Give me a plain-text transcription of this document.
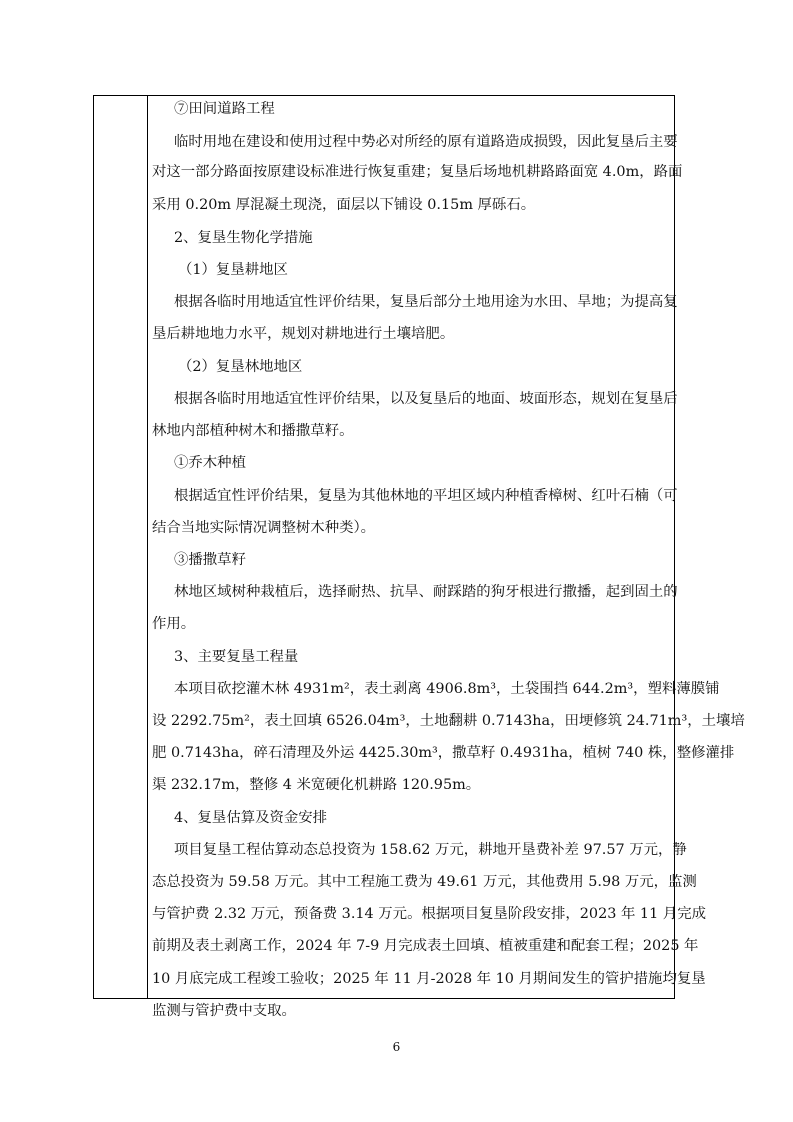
⑦田间道路工程
临时用地在建设和使用过程中势必对所经的原有道路造成损毁，因此复垦后主要
对这一部分路面按原建设标准进行恢复重建；复垦后场地机耕路路面宽 4.0m，路面
采用 0.20m 厚混凝土现浇，面层以下铺设 0.15m 厚砾石。
2、复垦生物化学措施
（1）复垦耕地区
根据各临时用地适宜性评价结果，复垦后部分土地用途为水田、旱地；为提高复
垦后耕地地力水平，规划对耕地进行土壤培肥。
（2）复垦林地地区
根据各临时用地适宜性评价结果，以及复垦后的地面、坡面形态，规划在复垦后
林地内部植种树木和播撒草籽。
①乔木种植
根据适宜性评价结果，复垦为其他林地的平坦区域内种植香樟树、红叶石楠（可
结合当地实际情况调整树木种类）。
③播撒草籽
林地区域树种栽植后，选择耐热、抗旱、耐踩踏的狗牙根进行撒播，起到固土的
作用。
3、主要复垦工程量
本项目砍挖灌木林 4931m²，表土剥离 4906.8m³，土袋围挡 644.2m³，塑料薄膜铺
设 2292.75m²，表土回填 6526.04m³，土地翻耕 0.7143ha，田埂修筑 24.71m³，土壤培
肥 0.7143ha，碎石清理及外运 4425.30m³，撒草籽 0.4931ha，植树 740 株，整修灌排
渠 232.17m，整修 4 米宽硬化机耕路 120.95m。
4、复垦估算及资金安排
项目复垦工程估算动态总投资为 158.62 万元，耕地开垦费补差 97.57 万元，静
态总投资为 59.58 万元。其中工程施工费为 49.61 万元，其他费用 5.98 万元，监测
与管护费 2.32 万元，预备费 3.14 万元。根据项目复垦阶段安排，2023 年 11 月完成
前期及表土剥离工作，2024 年 7-9 月完成表土回填、植被重建和配套工程；2025 年
10 月底完成工程竣工验收；2025 年 11 月-2028 年 10 月期间发生的管护措施均复垦
监测与管护费中支取。
6
